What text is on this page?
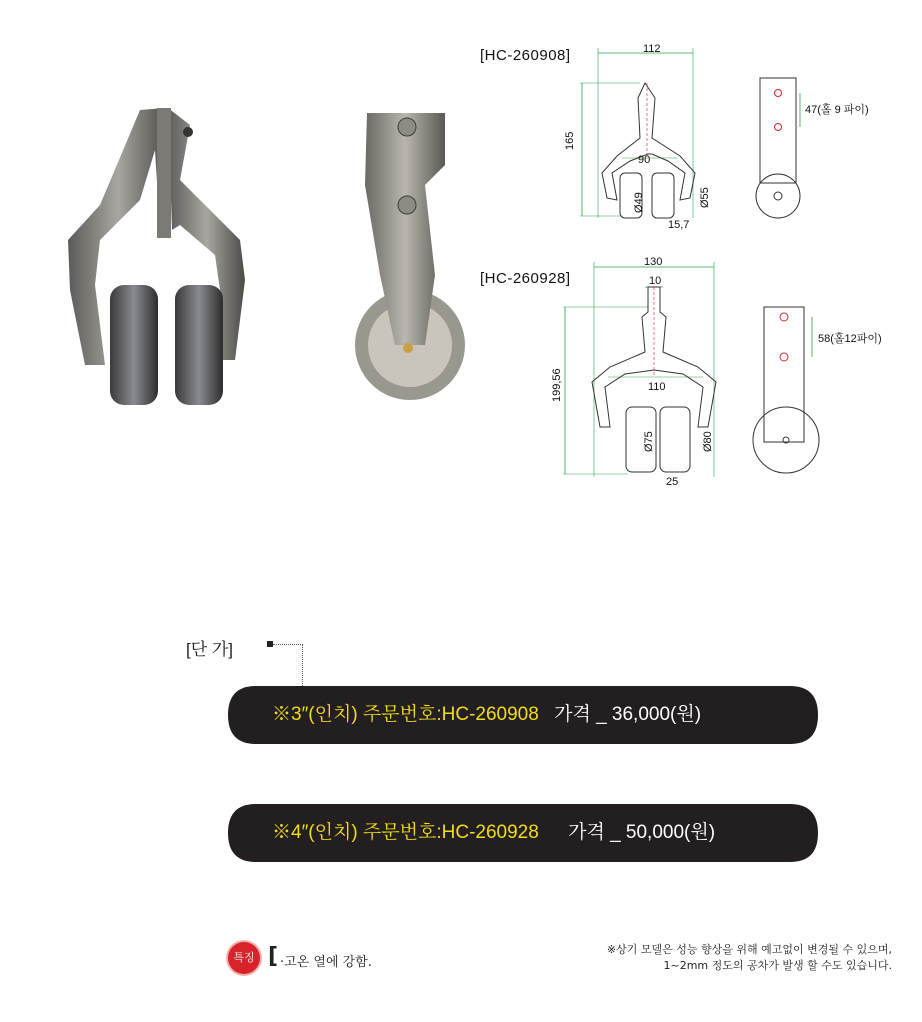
[HC-260908]	112
165
90
Ø49	Ø55
15,7
47(홀 9 파이)
[HC-260928]
130
10
199,56	110
Ø75	Ø80
25
58(홀12파이)
[단 가]
※3″(인치) 주문번호:HC-260908 가격 _ 36,000(원)
※4″(인치) 주문번호:HC-260928 가격 _ 50,000(원)
특징 [ ·고온 열에 강함.
※상기 모델은 성능 향상을 위해 예고없이 변경될 수 있으며,
1~2mm 정도의 공차가 발생 할 수도 있습니다.
